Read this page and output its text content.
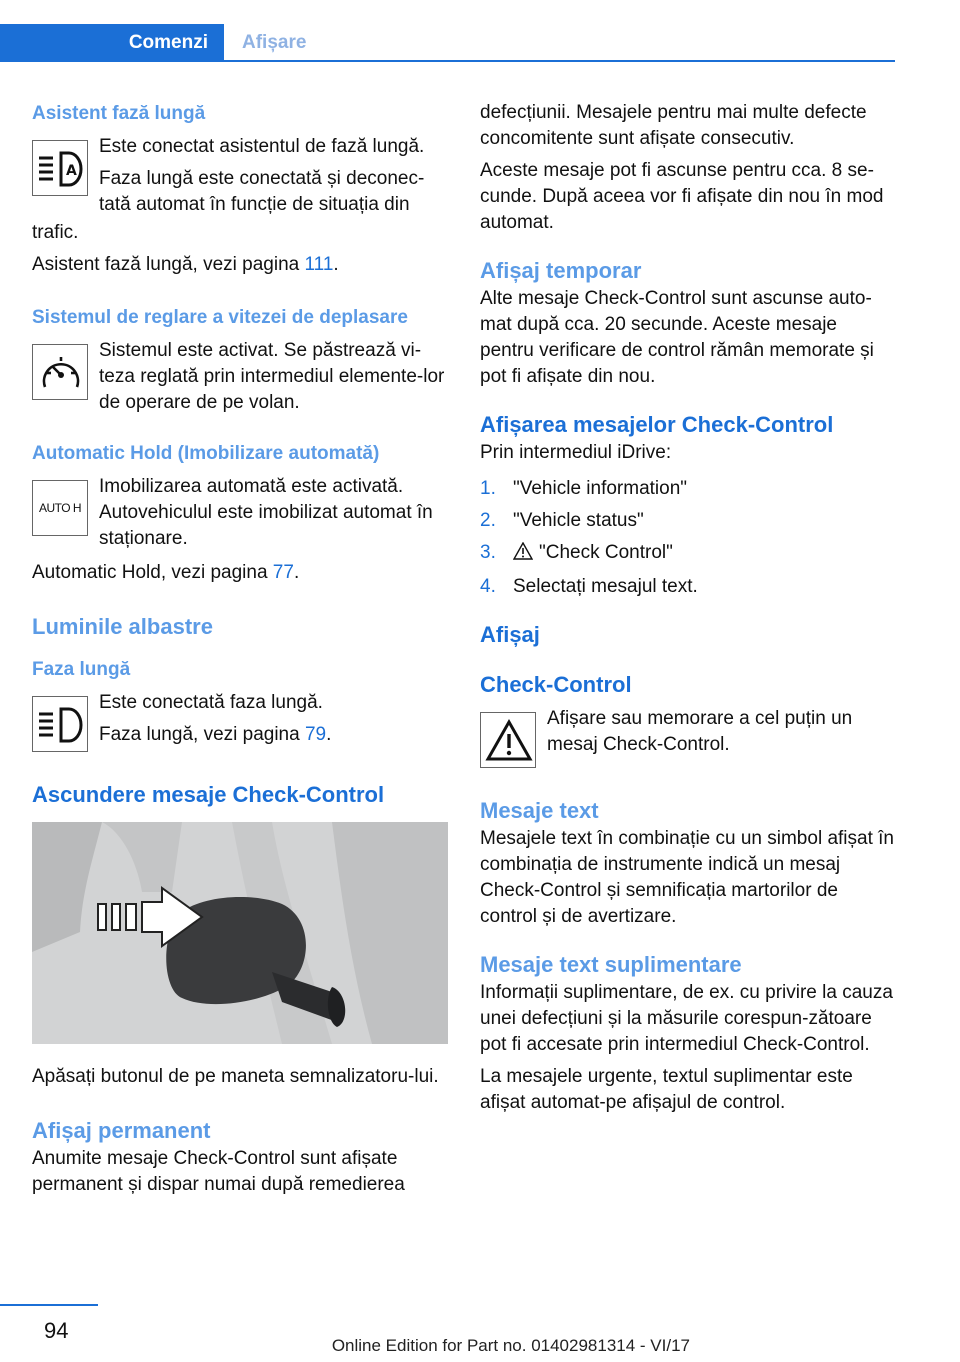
Comenzi	Afișare
Asistent fază lungă
A

Este conectat asistentul de fază lungă.

Faza lungă este conectată și deconec-

tată automat în funcție de situația din

trafic.

Asistent fază lungă, vezi pagina 111.

Sistemul de reglare a vitezei de deplasare

Sistemul este activat. Se păstrează vi-teza reglată prin intermediul elemente-lor de operare de pe volan.

Automatic Hold (Imobilizare automată)
AUTO H

Imobilizarea automată este activată.

Autovehiculul este imobilizat automat în staționare.

Automatic Hold, vezi pagina 77.

Luminile albastre
Faza lungă

Este conectată faza lungă.

Faza lungă, vezi pagina 79.

Ascundere mesaje Check-Control

Apăsați butonul de pe maneta semnalizatoru-lui.

Afișaj permanent

Anumite mesaje Check-Control sunt afișate permanent și dispar numai după remedierea

defecțiunii. Mesajele pentru mai multe defecte concomitente sunt afișate consecutiv.

Aceste mesaje pot fi ascunse pentru cca. 8 se-cunde. După aceea vor fi afișate din nou în mod automat.

Afișaj temporar

Alte mesaje Check-Control sunt ascunse auto-mat după cca. 20 secunde. Aceste mesaje pentru verificare de control rămân memorate și pot fi afișate din nou.

Afișarea mesajelor Check-Control

Prin intermediul iDrive:

1. "Vehicle information"
2. "Vehicle status"
3. "Check Control"
4. Selectați mesajul text.
Afișaj
Check-Control

Afișare sau memorare a cel puțin un mesaj Check-Control.

Mesaje text

Mesajele text în combinație cu un simbol afișat în combinația de instrumente indică un mesaj Check-Control și semnificația martorilor de control și de avertizare.

Mesaje text suplimentare

Informații suplimentare, de ex. cu privire la cauza unei defecțiuni și la măsurile corespun-zătoare pot fi accesate prin intermediul Check-Control.

La mesajele urgente, textul suplimentar este afișat automat-pe afișajul de control.

94
Online Edition for Part no. 01402981314 - VI/17
